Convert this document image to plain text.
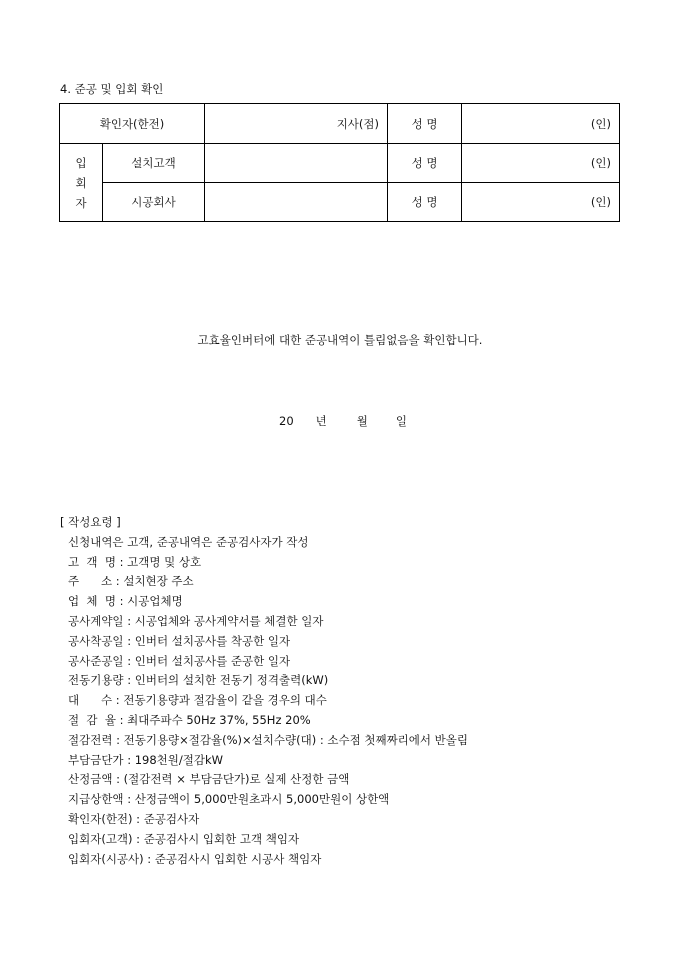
4. 준공 및 입회 확인
확인자(한전)		지사(점)	성 명	(인)

입
회
자	설치고객		성 명	(인)
	시공회사		성 명	(인)
고효율인버터에 대한 준공내역이 틀림없음을 확인합니다.
20 년	월 일
[ 작성요령 ]
신청내역은 고객, 준공내역은 준공검사자가 작성
고  객  명 : 고객명 및 상호
주      소 : 설치현장 주소
업  체  명 : 시공업체명
공사계약일 : 시공업체와 공사계약서를 체결한 일자
공사착공일 : 인버터 설치공사를 착공한 일자
공사준공일 : 인버터 설치공사를 준공한 일자
전동기용량 : 인버터의 설치한 전동기 정격출력(kW)
대      수 : 전동기용량과 절감율이 같을 경우의 대수
절  감  율 : 최대주파수 50Hz 37%, 55Hz 20%
절감전력 : 전동기용량×절감율(%)×설치수량(대) : 소수점 첫째짜리에서 반올림
부담금단가 : 198천원/절감kW
산정금액 : (절감전력 × 부담금단가)로 실제 산정한 금액
지급상한액 : 산정금액이 5,000만원초과시 5,000만원이 상한액
확인자(한전) : 준공검사자
입회자(고객) : 준공검사시 입회한 고객 책임자
입회자(시공사) : 준공검사시 입회한 시공사 책임자
